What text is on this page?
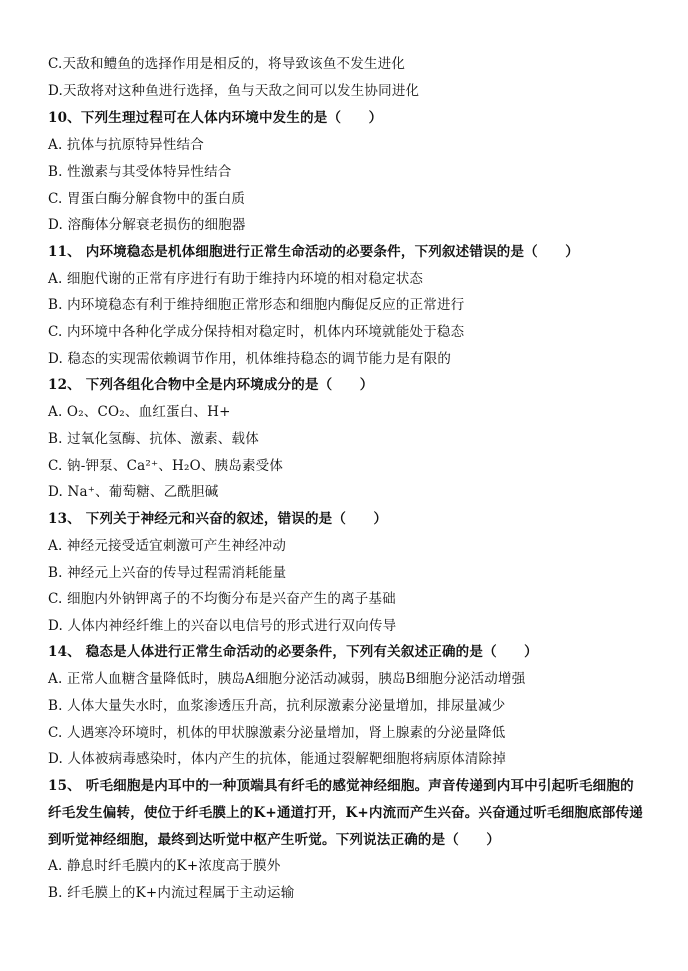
C.天敌和鳢鱼的选择作用是相反的，将导致该鱼不发生进化
D.天敌将对这种鱼进行选择，鱼与天敌之间可以发生协同进化
10、下列生理过程可在人体内环境中发生的是（　　）
A. 抗体与抗原特异性结合
B. 性激素与其受体特异性结合
C. 胃蛋白酶分解食物中的蛋白质
D. 溶酶体分解衰老损伤的细胞器
11、 内环境稳态是机体细胞进行正常生命活动的必要条件，下列叙述错误的是（　　）
A. 细胞代谢的正常有序进行有助于维持内环境的相对稳定状态
B. 内环境稳态有利于维持细胞正常形态和细胞内酶促反应的正常进行
C. 内环境中各种化学成分保持相对稳定时，机体内环境就能处于稳态
D. 稳态的实现需依赖调节作用，机体维持稳态的调节能力是有限的
12、 下列各组化合物中全是内环境成分的是（　　）
A. O₂、CO₂、血红蛋白、H+
B. 过氧化氢酶、抗体、激素、载体
C. 钠-钾泵、Ca²⁺、H₂O、胰岛素受体
D. Na⁺、葡萄糖、乙酰胆碱
13、 下列关于神经元和兴奋的叙述，错误的是（　　）
A. 神经元接受适宜刺激可产生神经冲动
B. 神经元上兴奋的传导过程需消耗能量
C. 细胞内外钠钾离子的不均衡分布是兴奋产生的离子基础
D. 人体内神经纤维上的兴奋以电信号的形式进行双向传导
14、 稳态是人体进行正常生命活动的必要条件，下列有关叙述正确的是（　　）
A. 正常人血糖含量降低时，胰岛A细胞分泌活动减弱，胰岛B细胞分泌活动增强
B. 人体大量失水时，血浆渗透压升高，抗利尿激素分泌量增加，排尿量减少
C. 人遇寒冷环境时，机体的甲状腺激素分泌量增加，肾上腺素的分泌量降低
D. 人体被病毒感染时，体内产生的抗体，能通过裂解靶细胞将病原体清除掉
15、 听毛细胞是内耳中的一种顶端具有纤毛的感觉神经细胞。声音传递到内耳中引起听毛细胞的
纤毛发生偏转，使位于纤毛膜上的K+通道打开，K+内流而产生兴奋。兴奋通过听毛细胞底部传递
到听觉神经细胞，最终到达听觉中枢产生听觉。下列说法正确的是（　　）
A. 静息时纤毛膜内的K+浓度高于膜外
B. 纤毛膜上的K+内流过程属于主动运输
